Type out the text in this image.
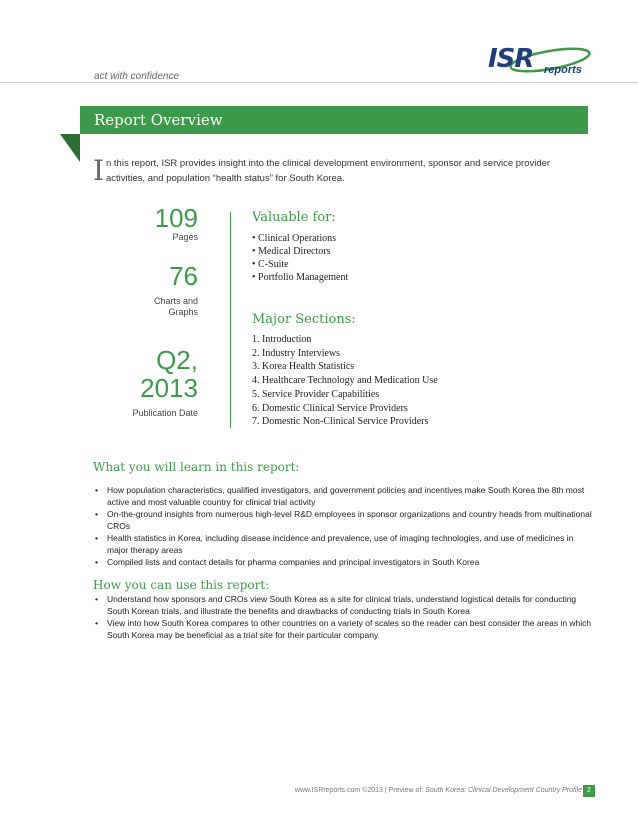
act with confidence
ISR reports
Report Overview
I n this report, ISR provides insight into the clinical development environment, sponsor and service provider activities, and population “health status” for South Korea.
109
Pages
76
Charts and Graphs
Q2, 2013
Publication Date
Valuable for:
• Clinical Operations
• Medical Directors
• C-Suite
• Portfolio Management
Major Sections:
1. Introduction
2. Industry Interviews
3. Korea Health Statistics
4. Healthcare Technology and Medication Use
5. Service Provider Capabilities
6. Domestic Clinical Service Providers
7. Domestic Non-Clinical Service Providers
What you will learn in this report:
• How population characteristics, qualified investigators, and government policies and incentives make South Korea the 8th most active and most valuable country for clinical trial activity
• On-the-ground insights from numerous high-level R&D employees in sponsor organizations and country heads from multinational CROs
• Health statistics in Korea, including disease incidence and prevalence, use of imaging technologies, and use of medicines in major therapy areas
• Compiled lists and contact details for pharma companies and principal investigators in South Korea
How you can use this report:
• Understand how sponsors and CROs view South Korea as a site for clinical trials, understand logistical details for conducting South Korean trials, and illustrate the benefits and drawbacks of conducting trials in South Korea
• View into how South Korea compares to other countries on a variety of scales so the reader can best consider the areas in which South Korea may be beneficial as a trial site for their particular company
www.ISRreports.com ©2013 | Preview of: South Korea: Clinical Development Country Profile 2
